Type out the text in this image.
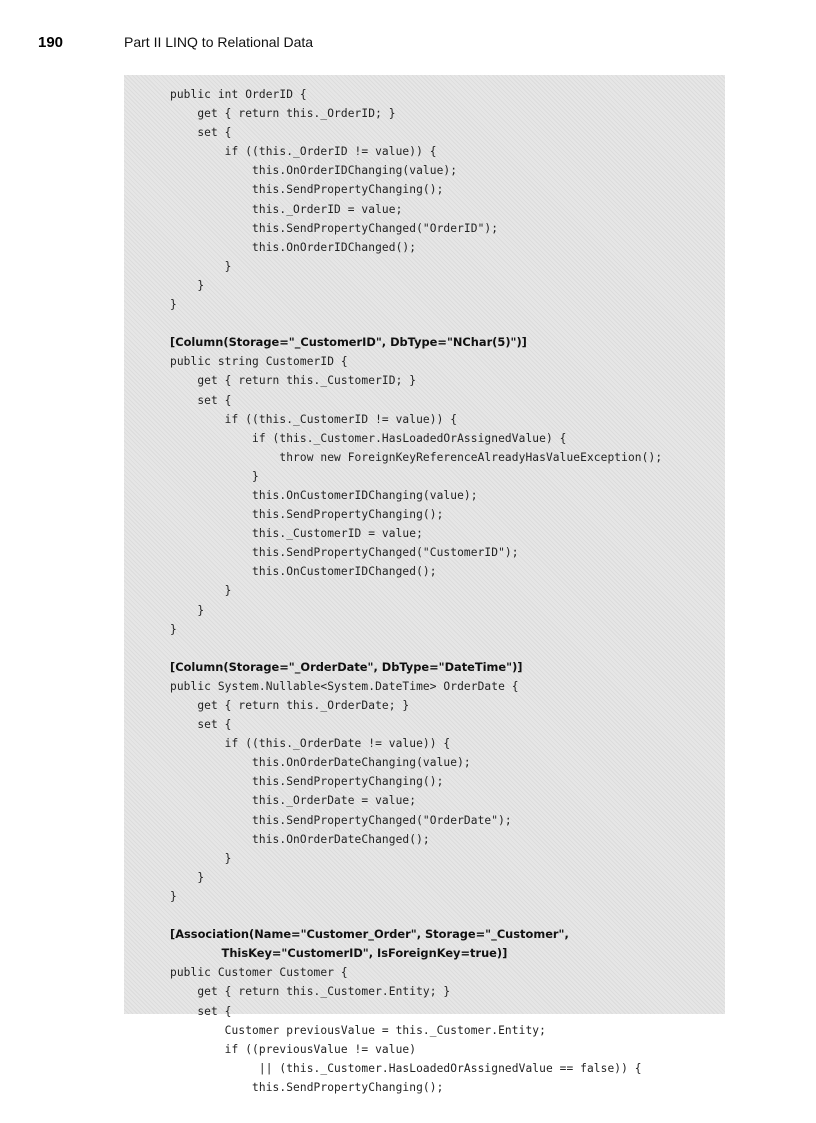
190	Part II LINQ to Relational Data
public int OrderID {
get { return this._OrderID; }
set {
if ((this._OrderID != value)) {
this.OnOrderIDChanging(value);
this.SendPropertyChanging();
this._OrderID = value;
this.SendPropertyChanged("OrderID");
this.OnOrderIDChanged();
}
}
}
[Column(Storage="_CustomerID", DbType="NChar(5)")]
public string CustomerID {
get { return this._CustomerID; }
set {
if ((this._CustomerID != value)) {
if (this._Customer.HasLoadedOrAssignedValue) {
throw new ForeignKeyReferenceAlreadyHasValueException();
}
this.OnCustomerIDChanging(value);
this.SendPropertyChanging();
this._CustomerID = value;
this.SendPropertyChanged("CustomerID");
this.OnCustomerIDChanged();
}
}
}
[Column(Storage="_OrderDate", DbType="DateTime")]
public System.Nullable<System.DateTime> OrderDate {
get { return this._OrderDate; }
set {
if ((this._OrderDate != value)) {
this.OnOrderDateChanging(value);
this.SendPropertyChanging();
this._OrderDate = value;
this.SendPropertyChanged("OrderDate");
this.OnOrderDateChanged();
}
}
}
[Association(Name="Customer_Order", Storage="_Customer",
ThisKey="CustomerID", IsForeignKey=true)]
public Customer Customer {
get { return this._Customer.Entity; }
set {
Customer previousValue = this._Customer.Entity;
if ((previousValue != value)
|| (this._Customer.HasLoadedOrAssignedValue == false)) {
this.SendPropertyChanging();
